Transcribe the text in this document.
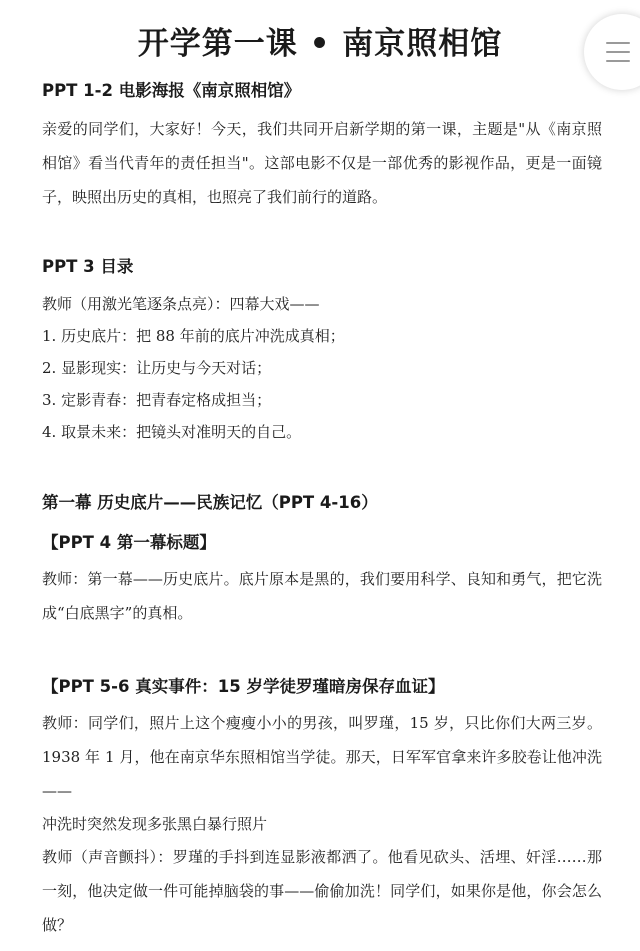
开学第一课 • 南京照相馆
PPT 1-2 电影海报《南京照相馆》

亲爱的同学们，大家好！今天，我们共同开启新学期的第一课，主题是"从《南京照相馆》看当代青年的责任担当"。这部电影不仅是一部优秀的影视作品，更是一面镜子，映照出历史的真相，也照亮了我们前行的道路。

PPT 3 目录

教师（用激光笔逐条点亮）：四幕大戏——

1. 历史底片：把 88 年前的底片冲洗成真相；

2. 显影现实：让历史与今天对话；

3. 定影青春：把青春定格成担当；

4. 取景未来：把镜头对准明天的自己。

第一幕 历史底片——民族记忆（PPT 4-16）
【PPT 4 第一幕标题】

教师：第一幕——历史底片。底片原本是黑的，我们要用科学、良知和勇气，把它洗成“白底黑字”的真相。

【PPT 5-6 真实事件：15 岁学徒罗瑾暗房保存血证】

教师：同学们，照片上这个瘦瘦小小的男孩，叫罗瑾，15 岁，只比你们大两三岁。1938 年 1 月，他在南京华东照相馆当学徒。那天，日军军官拿来许多胶卷让他冲洗——

冲洗时突然发现多张黑白暴行照片

教师（声音颤抖）：罗瑾的手抖到连显影液都洒了。他看见砍头、活埋、奸淫……那一刻，他决定做一件可能掉脑袋的事——偷偷加洗！同学们，如果你是他，你会怎么做？
